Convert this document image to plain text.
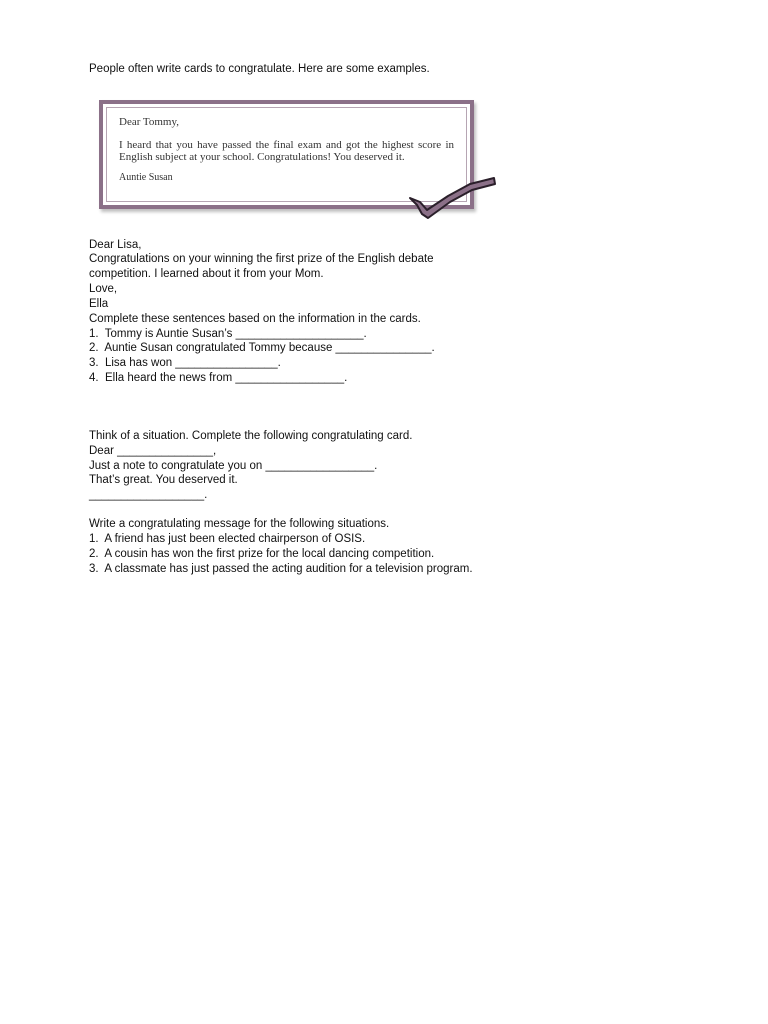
People often write cards to congratulate. Here are some examples.

Dear Tommy,

I heard that you have passed the final exam and got the highest score in English subject at your school. Congratulations! You deserved it.

Auntie Susan

Dear Lisa,

Congratulations on your winning the first prize of the English debate

competition. I learned about it from your Mom.

Love,

Ella

Complete these sentences based on the information in the cards.

1.  Tommy is Auntie Susan’s ____________________.

2.  Auntie Susan congratulated Tommy because _______________.

3.  Lisa has won ________________.

4.  Ella heard the news from _________________.

Think of a situation. Complete the following congratulating card.

Dear _______________,

Just a note to congratulate you on _________________.

That’s great. You deserved it.

__________________.

Write a congratulating message for the following situations.

1.  A friend has just been elected chairperson of OSIS.

2.  A cousin has won the first prize for the local dancing competition.

3.  A classmate has just passed the acting audition for a television program.
